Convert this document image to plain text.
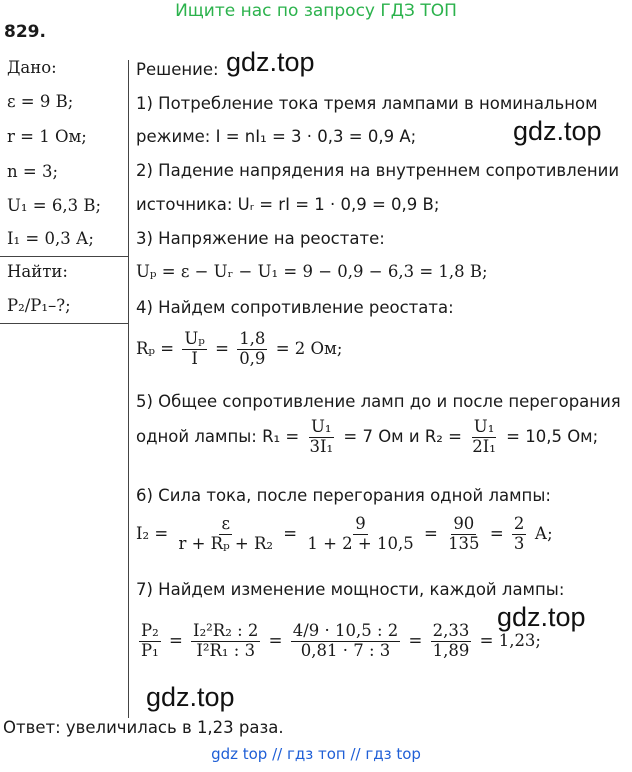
Ищите нас по запросу ГДЗ ТОП
829.
Дано:
ε = 9 В;
r = 1 Ом;
n = 3;
U₁ = 6,3 В;
I₁ = 0,3 А;
Найти:
P₂/P₁–?;
Решение: gdz.top
1) Потребление тока тремя лампами в номинальном
режиме: I = nI₁ = 3 · 0,3 = 0,9 А;	gdz.top
2) Падение напрядения на внутреннем сопротивлении
источника: Uᵣ = rI = 1 · 0,9 = 0,9 В;
3) Напряжение на реостате:
Uₚ = ε − Uᵣ − U₁ = 9 − 0,9 − 6,3 = 1,8 В;
4) Найдем сопротивление реостата:
$R_p = \frac{\text{Uₚ}}{I} = \frac{1,8}{0,9} = 2$ Ом;
5) Общее сопротивление ламп до и после перегорания
одной лампы: $R_1 = \frac{\text{U₁}}{\text{3I₁}} = 7$ Ом и $R_2 = \frac{\text{U₁}}{\text{2I₁}} = 10,5$ Ом;
6) Сила тока, после перегорания одной лампы:
$I_2 = \frac{\varepsilon}{\text{r + Rₚ + R₂}} = \frac{9}{1 + 2 + 10,5} = \frac{90}{135} = \frac{2}{3} А$;
7) Найдем изменение мощности, каждой лампы:
gdz.top
$\frac{\text{P₂}}{\text{P₁}} = \frac{\text{I₂²R₂ : 2}}{\text{I²R₁ : 3}} = \frac{4/9 \cdot 10,5 : 2}{0,81 \cdot 7 : 3} = \frac{2,33}{1,89} = 1,23$;
gdz.top
Ответ: увеличилась в 1,23 раза.
gdz top // гдз топ // гдз top
